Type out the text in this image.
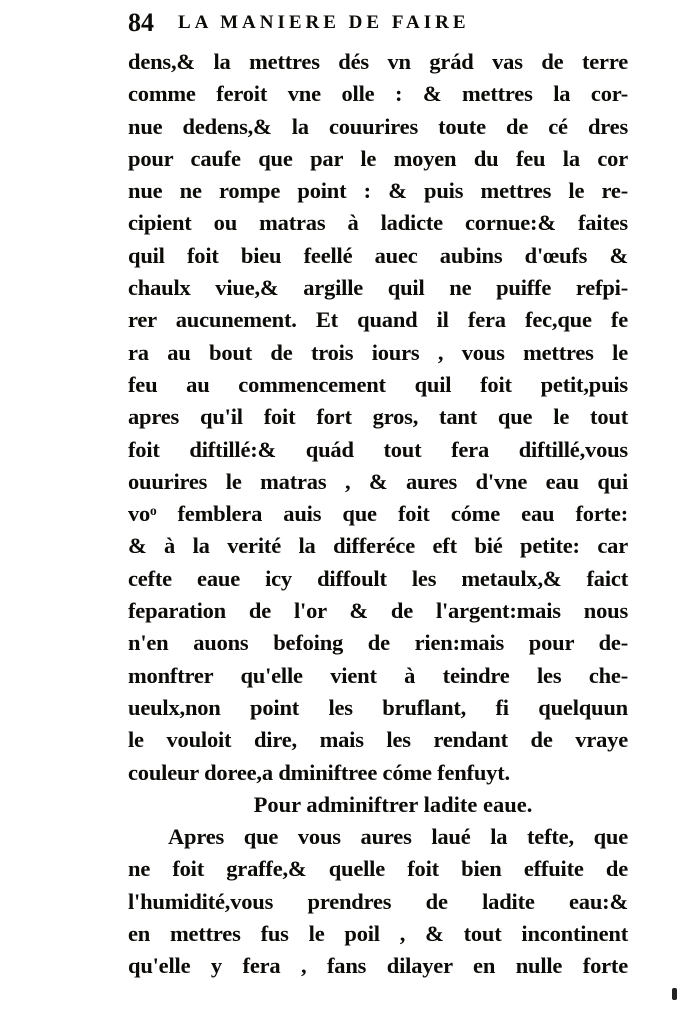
84 LA MANIERE DE FAIRE
dens,& la mettres dés vn grád vas de terre
comme feroit vne olle : & mettres la cor-
nue dedens,& la couurires toute de cé dres
pour caufe que par le moyen du feu la cor
nue ne rompe point : & puis mettres le re-
cipient ou matras à ladicte cornue:& faites
quil foit bieu feellé auec aubins d'œufs &
chaulx viue,& argille quil ne puiffe refpi-
rer aucunement. Et quand il fera fec,que fe
ra au bout de trois iours , vous mettres le
feu au commencement quil foit petit,puis
apres qu'il foit fort gros, tant que le tout
foit diftillé:& quád tout fera diftillé,vous
ouurires le matras , & aures d'vne eau qui
voᵒ femblera auis que foit cóme eau forte:
& à la verité la differéce eft bié petite: car
cefte eaue icy diffoult les metaulx,& faict
feparation de l'or & de l'argent:mais nous
n'en auons befoing de rien:mais pour de-
monftrer qu'elle vient à teindre les che-
ueulx,non point les bruflant, fi quelquun
le vouloit dire, mais les rendant de vraye
couleur doree,a dminiftree cóme fenfuyt.
Pour adminiftrer ladite eaue.
Apres que vous aures laué la tefte, que
ne foit graffe,& quelle foit bien effuite de
l'humidité,vous prendres de ladite eau:&
en mettres fus le poil , & tout incontinent
qu'elle y fera , fans dilayer en nulle forte
